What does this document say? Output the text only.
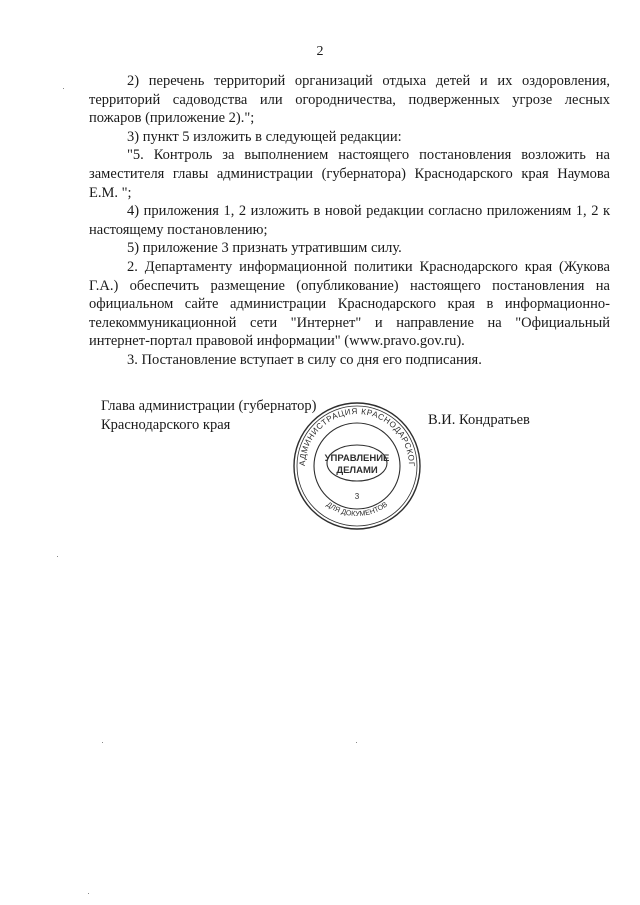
2

2) перечень территорий организаций отдыха детей и их оздоровления, территорий садоводства или огородничества, подверженных угрозе лесных пожаров (приложение 2).";

3) пункт 5 изложить в следующей редакции:

"5. Контроль за выполнением настоящего постановления возложить на заместителя главы администрации (губернатора) Краснодарского края Наумова Е.М. ";

4) приложения 1, 2 изложить в новой редакции согласно приложениям 1, 2 к настоящему постановлению;

5) приложение 3 признать утратившим силу.

2. Департаменту информационной политики Краснодарского края (Жукова Г.А.) обеспечить размещение (опубликование) настоящего постановления на официальном сайте администрации Краснодарского края в информационно-телекоммуникационной сети "Интернет" и направление на "Официальный интернет-портал правовой информации" (www.pravo.gov.ru).

3. Постановление вступает в силу со дня его подписания.

Глава администрации (губернатор)
Краснодарского края	В.И. Кондратьев
АДМИНИСТРАЦИЯ КРАСНОДАРСКОГ
ДЛЯ ДОКУМЕНТОВ
УПРАВЛЕНИЕ
ДЕЛАМИ
3
